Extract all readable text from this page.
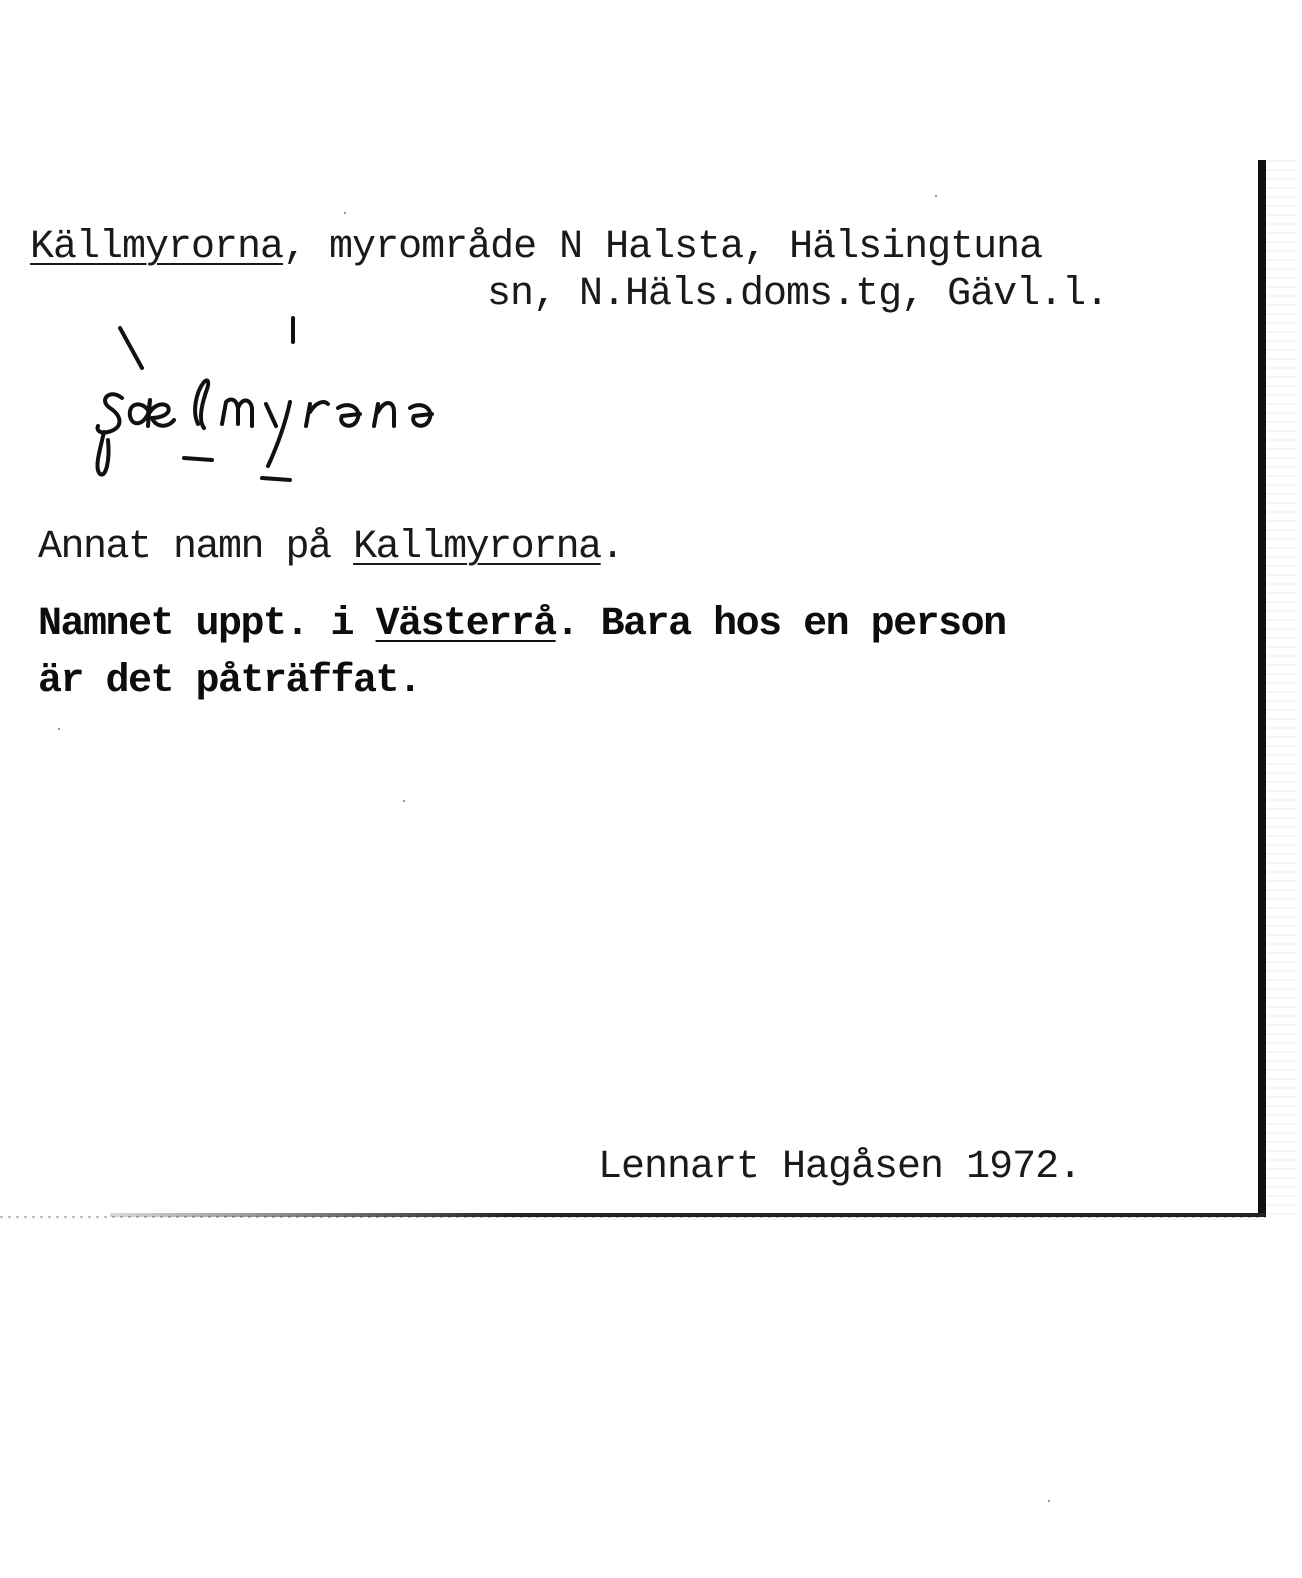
Källmyrorna, myrområde N Halsta, Hälsingtuna
sn, N.Häls.doms.tg, Gävl.l.
Annat namn på Kallmyrorna.
Namnet uppt. i Västerrå. Bara hos en person
är det påträffat.
Lennart Hagåsen 1972.
